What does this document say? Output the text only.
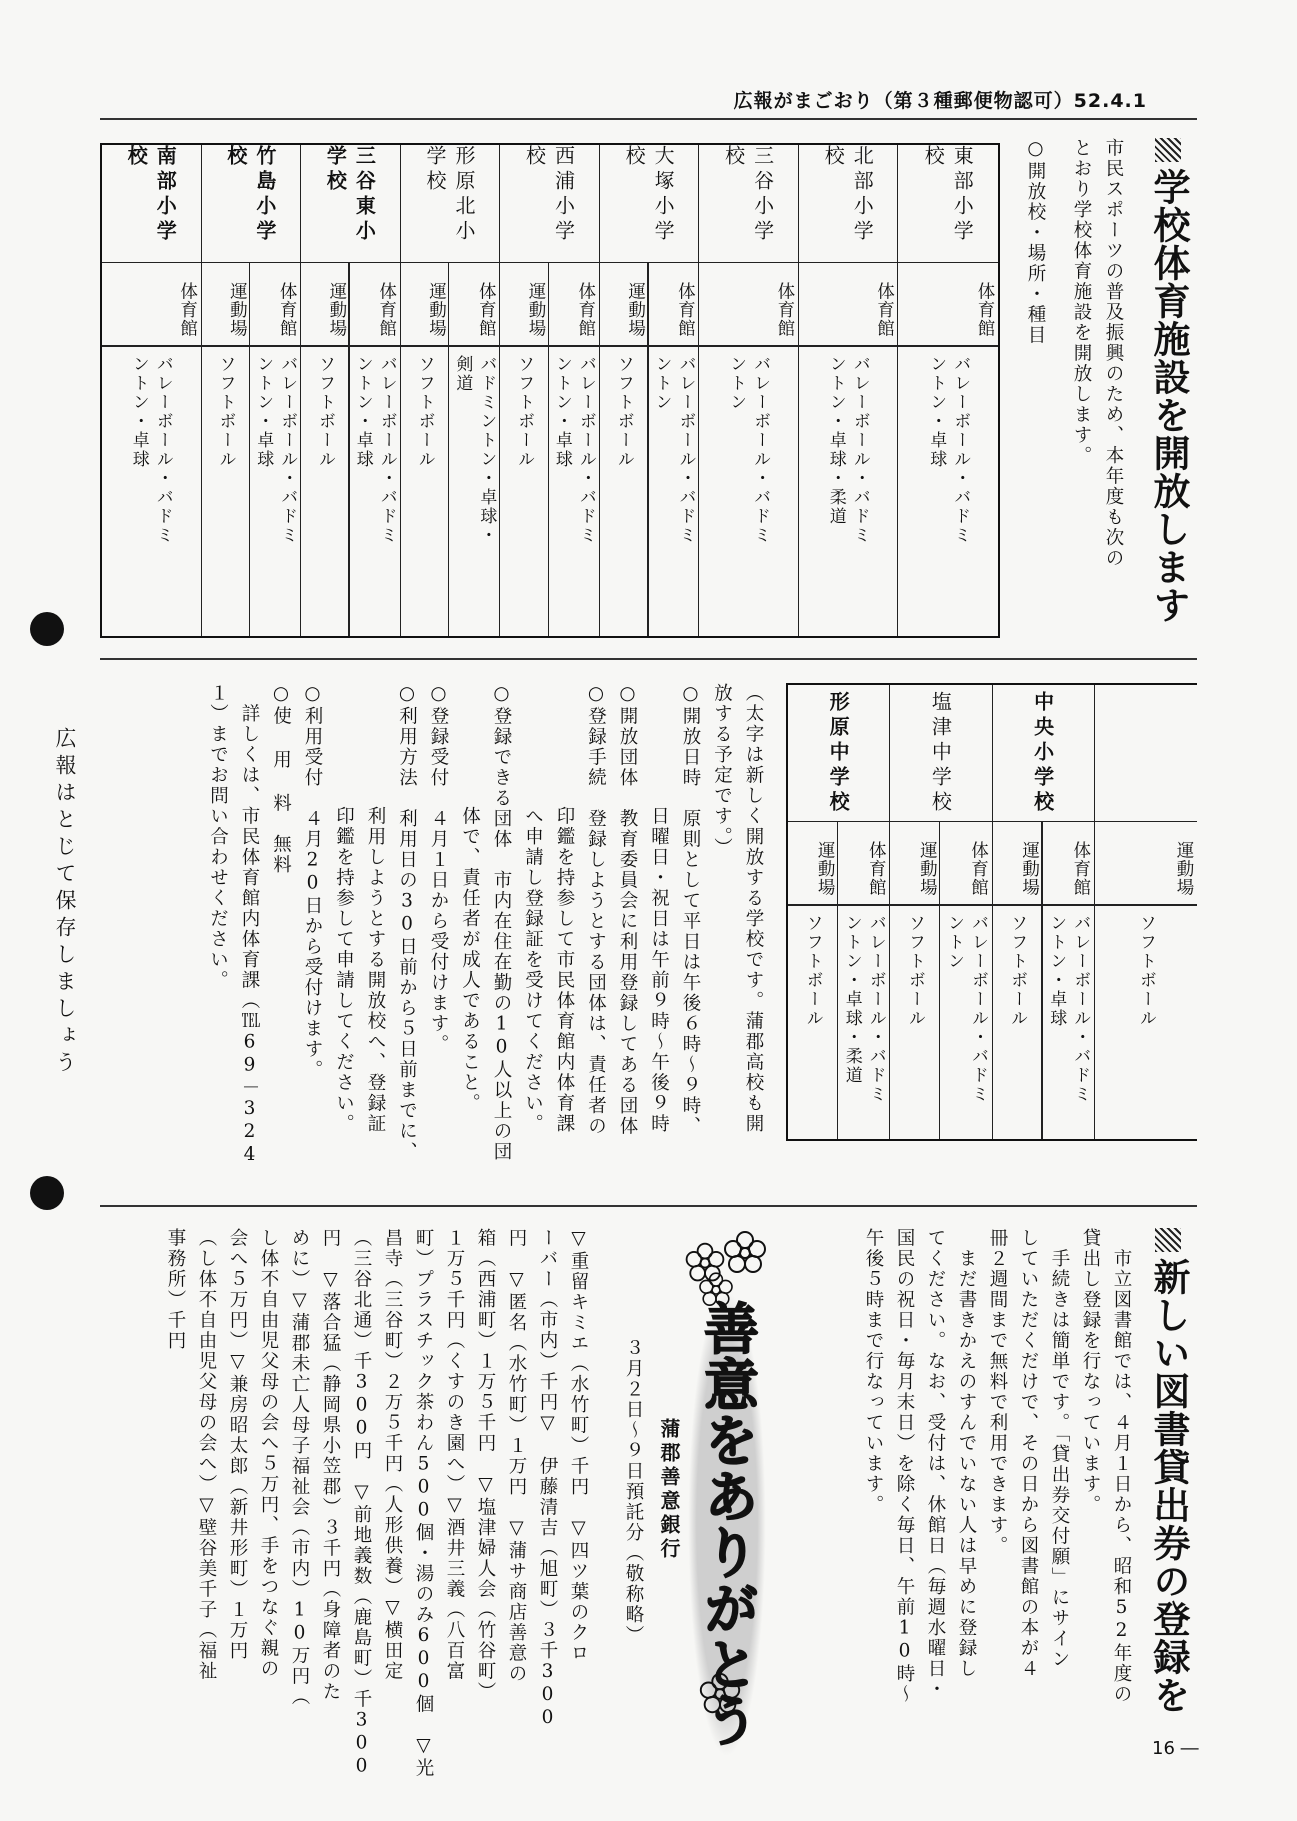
広報がまごおり（第３種郵便物認可）52.4.1
学校体育施設を開放します
市民スポーツの普及振興のため、本年度も次の
とおり学校体育施設を開放します。
○開放校・場所・種目
東部小学校
体育館
バレーボール・バドミ
ントン・卓球
北部小学校
体育館
バレーボール・バドミ
ントン・卓球・柔道
三谷小学校
体育館
バレーボール・バドミ
ントン
大塚小学校
体育館
バレーボール・バドミ
ントン
運動場
ソフトボール
西浦小学校
体育館
バレーボール・バドミ
ントン・卓球
運動場
ソフトボール
形原北小学校
体育館
バドミントン・卓球・
剣道
運動場
ソフトボール
三谷東小学校
体育館
バレーボール・バドミ
ントン・卓球
運動場
ソフトボール
竹島小学校
体育館
バレーボール・バドミ
ントン・卓球
運動場
ソフトボール
南部小学校
体育館
バレーボール・バドミ
ントン・卓球
運動場
ソフトボール
中央小学校
体育館
バレーボール・バドミ
ントン・卓球
運動場
ソフトボール
塩津中学校
体育館
バレーボール・バドミ
ントン
運動場
ソフトボール
形原中学校
体育館
バレーボール・バドミ
ントン・卓球・柔道
運動場
ソフトボール
（太字は新しく開放する学校です。蒲郡高校も開
放する予定です。）
○開放日時　原則として平日は午後６時〜９時、
　　　　　　日曜日・祝日は午前９時〜午後９時
○開放団体　教育委員会に利用登録してある団体
○登録手続　登録しようとする団体は、責任者の
　　　　　　印鑑を持参して市民体育館内体育課
　　　　　　へ申請し登録証を受けてください。
○登録できる団体　市内在住在勤の10人以上の団
　　　　　　体で、責任者が成人であること。
○登録受付　４月１日から受付けます。
○利用方法　利用日の30日前から５日前までに、
　　　　　　利用しようとする開放校へ、登録証
　　　　　　印鑑を持参して申請してください。
○利用受付　４月20日から受付けます。
○使 用 料　無料
　詳しくは、市民体育館内体育課（℡69－324
１）までお問い合わせください。
広報はとじて保存しましょう
新しい図書貸出券の登録を
　市立図書館では、４月１日から、昭和52年度の
貸出し登録を行なっています。
　手続きは簡単です。「貸出券交付願」にサイン
していただくだけで、その日から図書館の本が４
冊２週間まで無料で利用できます。
　まだ書きかえのすんでいない人は早めに登録し
てください。なお、受付は、休館日（毎週水曜日・
国民の祝日・毎月末日）を除く毎日、午前10時〜
午後５時まで行なっています。
善意をありがとう
蒲郡善意銀行
３月２日〜９日預託分（敬称略）
▽重留キミエ（水竹町）千円　▽四ツ葉のクロ
ーバー（市内）千円▽　伊藤清吉（旭町）３千300
円　▽匿名（水竹町）１万円　▽蒲サ商店善意の
箱（西浦町）１万５千円　▽塩津婦人会（竹谷町）
１万５千円（くすのき園へ）▽酒井三義（八百富
町）プラスチック茶わん500個・湯のみ600個　▽光
昌寺（三谷町）２万５千円（人形供養）▽横田定
（三谷北通）千300円　▽前地義数（鹿島町）千300
円　▽落合猛（静岡県小笠郡）３千円（身障者のた
めに）▽蒲郡未亡人母子福祉会（市内）10万円（
し体不自由児父母の会へ５万円、手をつなぐ親の
会へ５万円）▽兼房昭太郎（新井形町）１万円
（し体不自由児父母の会へ）▽壁谷美千子（福祉
事務所）千円
16 ―
